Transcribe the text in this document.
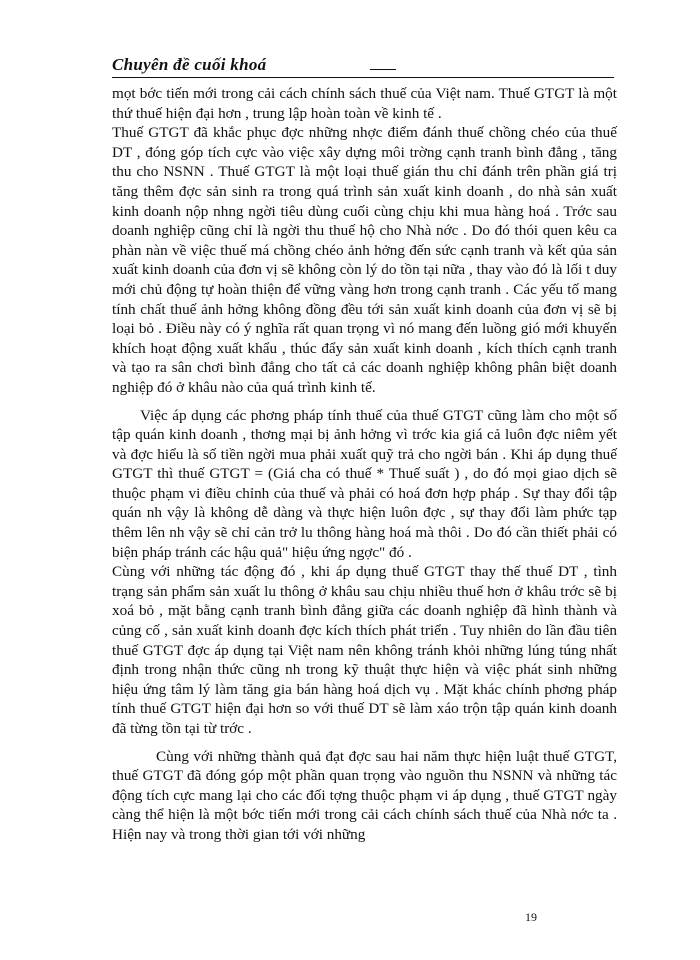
Chuyên đề cuối khoá

mọt bớc tiến mới trong cải cách chính sách thuế của Việt nam. Thuế GTGT là một thứ thuế hiện đại hơn , trung lập hoàn toàn về kinh tế .

Thuế GTGT đã khắc phục đợc những nhợc điểm đánh thuế chồng chéo của thuế DT , đóng góp tích cực vào việc xây dựng môi trờng cạnh tranh bình đẳng , tăng thu cho NSNN . Thuế GTGT là một loại thuế gián thu chỉ đánh trên phần giá trị tăng thêm đợc sản sinh ra trong quá trình sản xuất kinh doanh , do nhà sản xuất kinh doanh nộp nhng ngời tiêu dùng cuối cùng chịu khi mua hàng hoá . Trớc sau doanh nghiệp cũng chỉ là ngời thu thuế hộ cho Nhà nớc . Do đó thói quen kêu ca phàn nàn về việc thuế má chồng chéo ảnh hởng đến sức cạnh tranh và kết qủa sản xuất kinh doanh của đơn vị sẽ không còn lý do tồn tại nữa , thay vào đó là lối t duy mới chủ động tự hoàn thiện để vững vàng hơn trong cạnh tranh . Các yếu tố mang tính chất thuế ảnh hởng không đồng đều tới sản xuất kinh doanh của đơn vị sẽ bị loại bỏ . Điều này có ý nghĩa rất quan trọng vì nó mang đến luồng gió mới khuyến khích hoạt động xuất khẩu , thúc đẩy sản xuất kinh doanh , kích thích cạnh tranh và tạo ra sân chơi bình đẳng cho tất cả các doanh nghiệp không phân biệt doanh nghiệp đó ở khâu nào của quá trình kinh tế.

Việc áp dụng các phơng pháp tính thuế của thuế GTGT cũng làm cho một số tập quán kinh doanh , thơng mại bị ảnh hởng vì trớc kia giá cả luôn đợc niêm yết và đợc hiểu là số tiền ngời mua phải xuất quỹ trả cho ngời bán . Khi áp dụng thuế GTGT thì thuế GTGT = (Giá cha có thuế * Thuế suất ) , do đó mọi giao dịch sẽ thuộc phạm vi điều chỉnh của thuế và phải có hoá đơn hợp pháp . Sự thay đổi tập quán nh vậy là không dễ dàng và thực hiện luôn đợc , sự thay đổi làm phức tạp thêm lên nh vậy sẽ chỉ cản trở lu thông hàng hoá mà thôi . Do đó cần thiết phải có biện pháp tránh các hậu quả" hiệu ứng ngợc" đó .

Cùng với những tác động đó , khi áp dụng thuế GTGT thay thế thuế DT , tình trạng sản phẩm sản xuất lu thông ở khâu sau chịu nhiều thuế hơn ở khâu trớc sẽ bị xoá bỏ , mặt bằng cạnh tranh bình đẳng giữa các doanh nghiệp đã hình thành và củng cố , sản xuất kinh doanh đợc kích thích phát triển . Tuy nhiên do lần đầu tiên thuế GTGT đợc áp dụng tại Việt nam nên không tránh khỏi những lúng túng nhất định trong nhận thức cũng nh trong kỹ thuật thực hiện và việc phát sinh những hiệu ứng tâm lý làm tăng gia bán hàng hoá dịch vụ . Mặt khác chính phơng pháp tính thuế GTGT hiện đại hơn so với thuế DT sẽ làm xáo trộn tập quán kinh doanh đã từng tồn tại từ trớc .

Cùng với những thành quả đạt đợc sau hai năm thực hiện luật thuế GTGT, thuế GTGT đã đóng góp một phần quan trọng vào nguồn thu NSNN và những tác động tích cực mang lại cho các đối tợng thuộc phạm vi áp dụng , thuế GTGT ngày càng thể hiện là một bớc tiến mới trong cải cách chính sách thuế của Nhà nớc ta . Hiện nay và trong thời gian tới với những

19
